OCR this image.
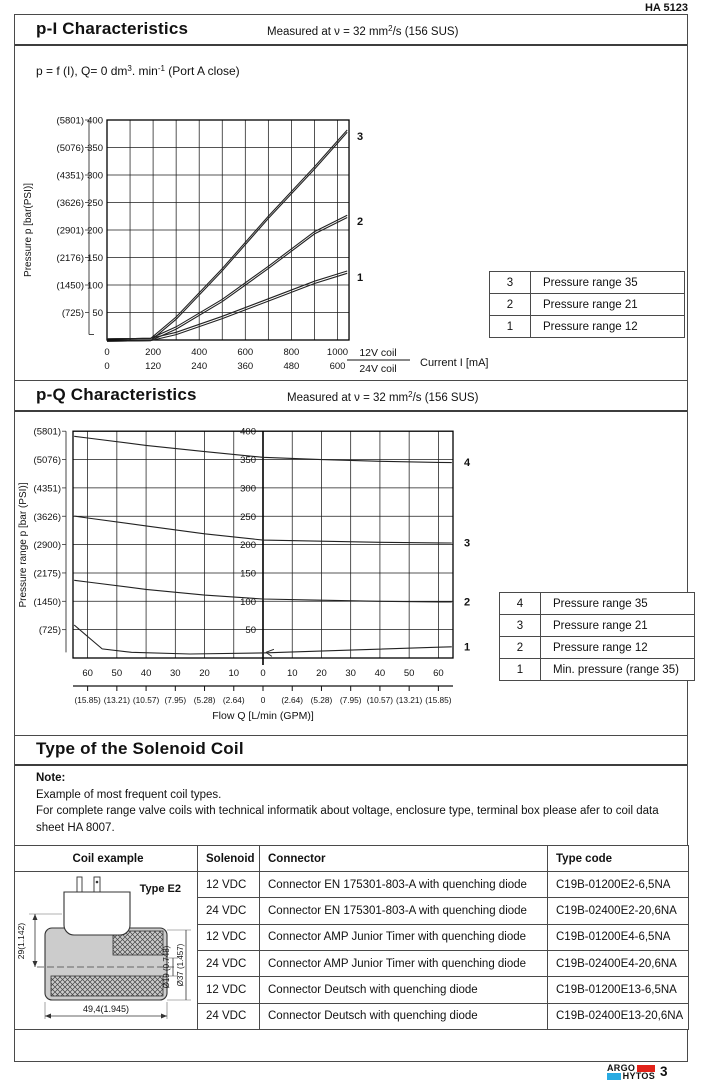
HA 5123
p-I Characteristics	Measured at ν = 32 $mm^2/s$ (156 SUS)
p = f (I), Q= 0 $dm^3$. $\min^{-1}$ (Port A close)
400
(5801)
350
(5076)
300
(4351)
250
(3626)
200
(2901)
150
(2176)
100
(1450)
50
(725)
0
0
200
120
400
240
600
360
800
480
1000
600
12V coil
24V coil Current I [mA]
Pressure p [bar(PSI)]
3
2
1	3	Pressure range 35
2	Pressure range 21
1	Pressure range 12
p-Q Characteristics	Measured at ν = 32 $mm^2/s$ (156 SUS)
400
(5801)
350
(5076)
300
(4351)
250
(3626)
200
(2900)
150
(2175)
100
(1450)
50
(725)
Pressure range p [bar (PSI)]
60
(15.85)
50
(13.21)
40
(10.57)
30
(7.95)
20
(5.28)
10
(2.64)
0
0
10
(2.64)
20
(5.28)
30
(7.95)
40
(10.57)
50
(13.21)
60
(15.85)
Flow Q [L/min (GPM)]
4
3
2
1
4	Pressure range 35
3	Pressure range 21
2	Pressure range 12
1	Min. pressure (range 35)
Type of the Solenoid Coil
Note:
Example of most frequent coil types.
For complete range valve coils with technical informatik about voltage, enclosure type, terminal box please afer to coil data sheet HA 8007.
Coil example	Solenoid	Connector	Type code

29(1.142)
49,4(1.945)
Ø19 (0.748) Ø37 (1.457)
Type E2	12 VDC	Connector EN 175301-803-A with quenching diode	C19B-01200E2-6,5NA
	24 VDC	Connector EN 175301-803-A with quenching diode	C19B-02400E2-20,6NA
	12 VDC	Connector AMP Junior Timer with quenching diode	C19B-01200E4-6,5NA
	24 VDC	Connector AMP Junior Timer with quenching diode	C19B-02400E4-20,6NA
	12 VDC	Connector Deutsch with quenching diode	C19B-01200E13-6,5NA
	24 VDC	Connector Deutsch with quenching diode	C19B-02400E13-20,6NA
ARGO
HYTOS 3
